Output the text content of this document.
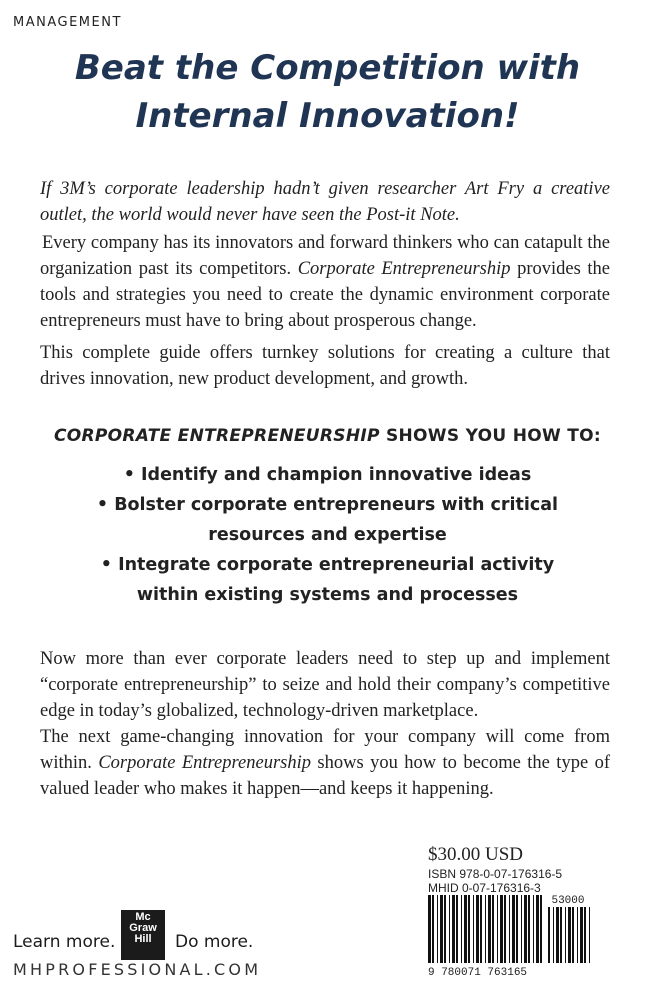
MANAGEMENT
Beat the Competition with
Internal Innovation!
If 3M’s corporate leadership hadn’t given researcher Art Fry a creative outlet, the world would never have seen the Post-it Note.
Every company has its innovators and forward thinkers who can catapult the organization past its competitors. Corporate Entrepreneurship provides the tools and strategies you need to create the dynamic environment corporate entrepreneurs must have to bring about prosperous change.
This complete guide offers turnkey solutions for creating a culture that drives innovation, new product development, and growth.
CORPORATE ENTREPRENEURSHIP SHOWS YOU HOW TO:
• Identify and champion innovative ideas
• Bolster corporate entrepreneurs with critical
resources and expertise
• Integrate corporate entrepreneurial activity
within existing systems and processes
Now more than ever corporate leaders need to step up and implement “corporate entrepreneurship” to seize and hold their company’s competitive edge in today’s globalized, technology-driven marketplace.
The next game-changing innovation for your company will come from within. Corporate Entrepreneurship shows you how to become the type of valued leader who makes it happen—and keeps it happening.
$30.00 USD
ISBN 978-0-07-176316-5
MHID 0-07-176316-3
53000
9 780071 763165
Mc
Graw
Hill
Learn more.	Do more.
MHPROFESSIONAL.COM
